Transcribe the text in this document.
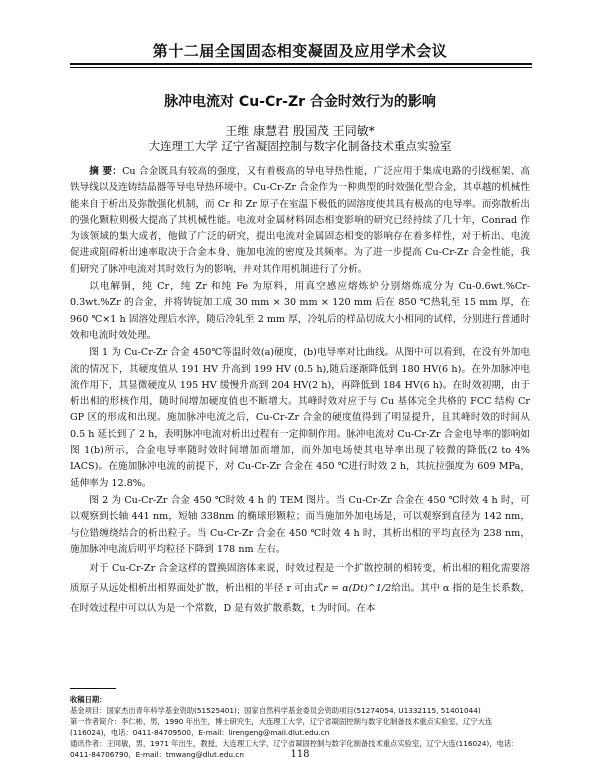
第十二届全国固态相变凝固及应用学术会议
脉冲电流对 Cu-Cr-Zr 合金时效行为的影响
王维 康慧君 殷国茂 王同敏*
大连理工大学 辽宁省凝固控制与数字化制备技术重点实验室

摘 要：Cu 合金既具有较高的强度，又有着极高的导电导热性能，广泛应用于集成电路的引线框架、高铁导线以及连铸结晶器等导电导热环境中。Cu-Cr-Zr 合金作为一种典型的时效强化型合金，其卓越的机械性能来自于析出及弥散强化机制，而 Cr 和 Zr 原子在室温下极低的固溶度使其具有极高的电导率。而弥散析出的强化颗粒则极大提高了其机械性能。电流对金属材料固态相变影响的研究已经持续了几十年，Conrad 作为该领域的集大成者，他做了广泛的研究，提出电流对金属固态相变的影响存在着多样性，对于析出、电流促进或阻碍析出速率取决于合金本身、施加电流的密度及其频率。为了进一步提高 Cu-Cr-Zr 合金性能，我们研究了脉冲电流对其时效行为的影响，并对其作用机制进行了分析。

以电解铜，纯 Cr，纯 Zr 和纯 Fe 为原料，用真空感应熔炼炉分别熔炼成分为 Cu-0.6wt.%Cr-0.3wt.%Zr 的合金，并将铸锭加工成 30 mm × 30 mm × 120 mm 后在 850 ℃热轧至 15 mm 厚，在 960 ℃×1 h 固溶处理后水淬，随后冷轧至 2 mm 厚，冷轧后的样品切成大小相同的试样，分别进行普通时效和电流时效处理。

图 1 为 Cu-Cr-Zr 合金 450℃等温时效(a)硬度，(b)电导率对比曲线。从图中可以看到，在没有外加电流的情况下，其硬度值从 191 HV 升高到 199 HV (0.5 h),随后逐渐降低到 180 HV(6 h)。在外加脉冲电流作用下，其显微硬度从 195 HV 缓慢升高到 204 HV(2 h)，再降低到 184 HV(6 h)。在时效初期，由于析出相的形核作用，随时间增加硬度值也不断增大。其峰时效对应于与 Cu 基体完全共格的 FCC 结构 Cr GP 区的形成和出现。施加脉冲电流之后，Cu-Cr-Zr 合金的硬度值得到了明显提升，且其峰时效的时间从 0.5 h 延长到了 2 h，表明脉冲电流对析出过程有一定抑制作用。脉冲电流对 Cu-Cr-Zr 合金电导率的影响如图 1(b)所示，合金电导率随时效时间增加而增加，而外加电场使其电导率出现了较微的降低(2 to 4% IACS)。在施加脉冲电流的前提下，对 Cu-Cr-Zr 合金在 450 ℃进行时效 2 h，其抗拉强度为 609 MPa，延伸率为 12.8%。

图 2 为 Cu-Cr-Zr 合金 450 ℃时效 4 h 的 TEM 图片。当 Cu-Cr-Zr 合金在 450 ℃时效 4 h 时，可以观察到长轴 441 nm，短轴 338nm 的椭球形颗粒；而当施加外加电场是，可以观察到直径为 142 nm，与位错缠绕结合的析出粒子。当 Cu-Cr-Zr 合金在 450 ℃时效 4 h 时，其析出相的平均直径为 238 nm，施加脉冲电流后明平均粒径下降到 178 nm 左右。

对于 Cu-Cr-Zr 合金这样的置换固溶体来说，时效过程是一个扩散控制的相转变，析出相的粗化需要溶质原子从远处相析出相界面处扩散，析出相的半径 r 可由式r = α(Dt)^1/2给出。其中 α 指的是生长系数，在时效过程中可以认为是一个常数，D 是有效扩散系数，t 为时间。在本

收稿日期：

基金项目：国家杰出青年科学基金资助(51525401)；国家自然科学基金委员会资助项目(51274054, U1332115, 51401044)

第一作者简介：李仁彬，男，1990 年出生，博士研究生，大连理工大学，辽宁省凝固控制与数字化制备技术重点实验室，辽宁大连(116024)，电话：0411-84709500，E-mail：lirengeng@mail.dlut.edu.cn

通讯作者：王同敏，男，1971 年出生，教授，大连理工大学，辽宁省凝固控制与数字化制备技术重点实验室，辽宁大连(116024)，电话：0411-84706790，E-mail：tmwang@dlut.edu.cn	118
